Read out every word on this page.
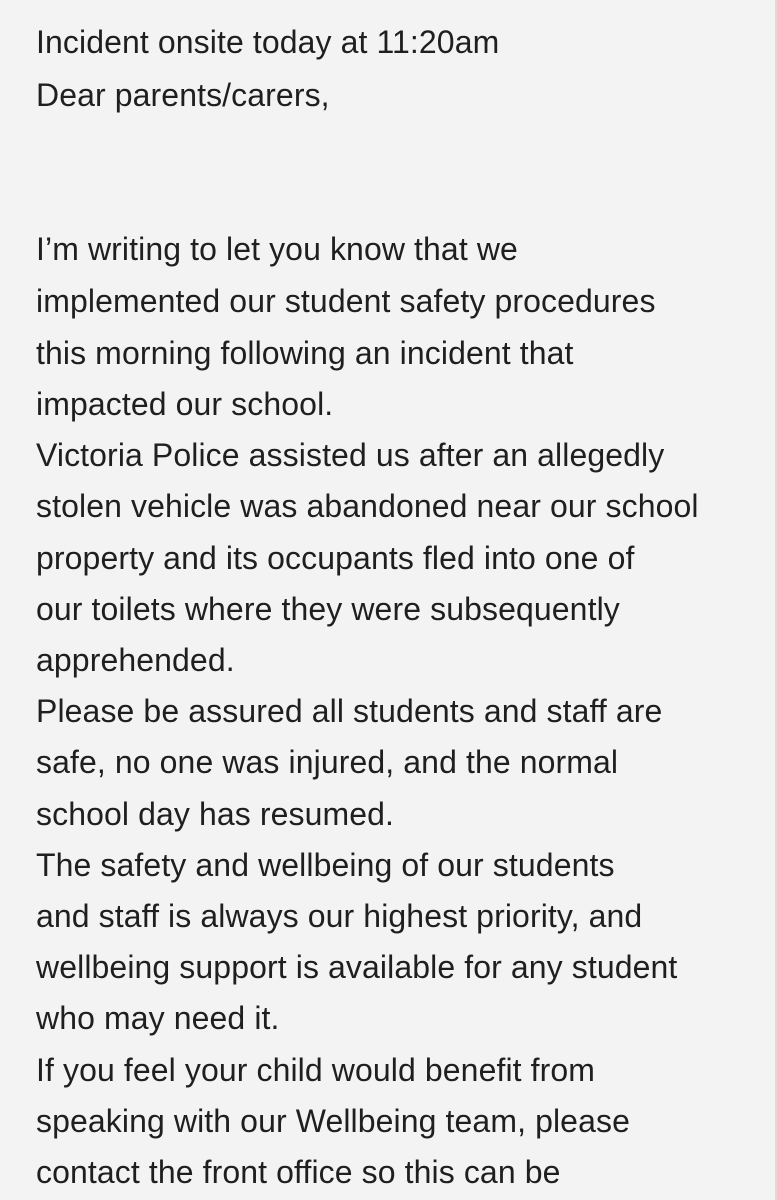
Incident onsite today at 11:20am
Dear parents/carers,
I’m writing to let you know that we
implemented our student safety procedures
this morning following an incident that
impacted our school.
Victoria Police assisted us after an allegedly
stolen vehicle was abandoned near our school
property and its occupants fled into one of
our toilets where they were subsequently
apprehended.
Please be assured all students and staff are
safe, no one was injured, and the normal
school day has resumed.
The safety and wellbeing of our students
and staff is always our highest priority, and
wellbeing support is available for any student
who may need it.
If you feel your child would benefit from
speaking with our Wellbeing team, please
contact the front office so this can be
